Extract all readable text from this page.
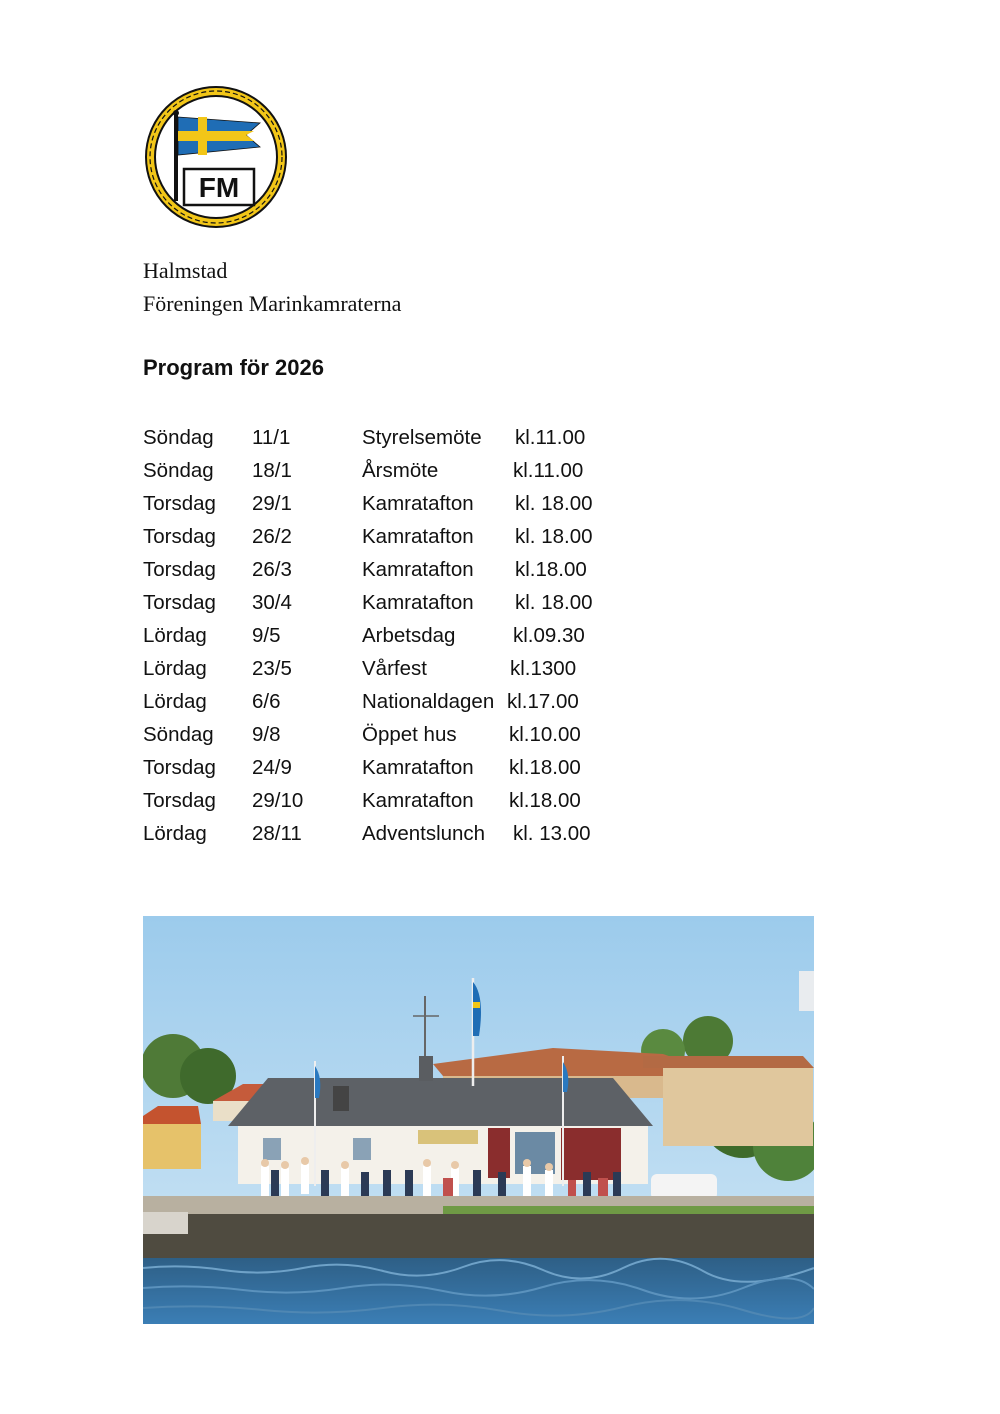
FM
Halmstad
Föreningen Marinkamraterna
Program för 2026
Söndag 11/1	Styrelsemöte kl.11.00
Söndag 18/1	Årsmöte	kl.11.00
Torsdag 29/1	Kamratafton kl. 18.00
Torsdag 26/2	Kamratafton kl. 18.00
Torsdag 26/3	Kamratafton kl.18.00
Torsdag 30/4	Kamratafton kl. 18.00
Lördag 9/5	Arbetsdag	kl.09.30
Lördag 23/5	Vårfest	kl.1300
Lördag 6/6	Nationaldagen kl.17.00
Söndag 9/8	Öppet hus	kl.10.00
Torsdag 24/9	Kamratafton kl.18.00
Torsdag 29/10	Kamratafton kl.18.00
Lördag 28/11	Adventslunch kl. 13.00
